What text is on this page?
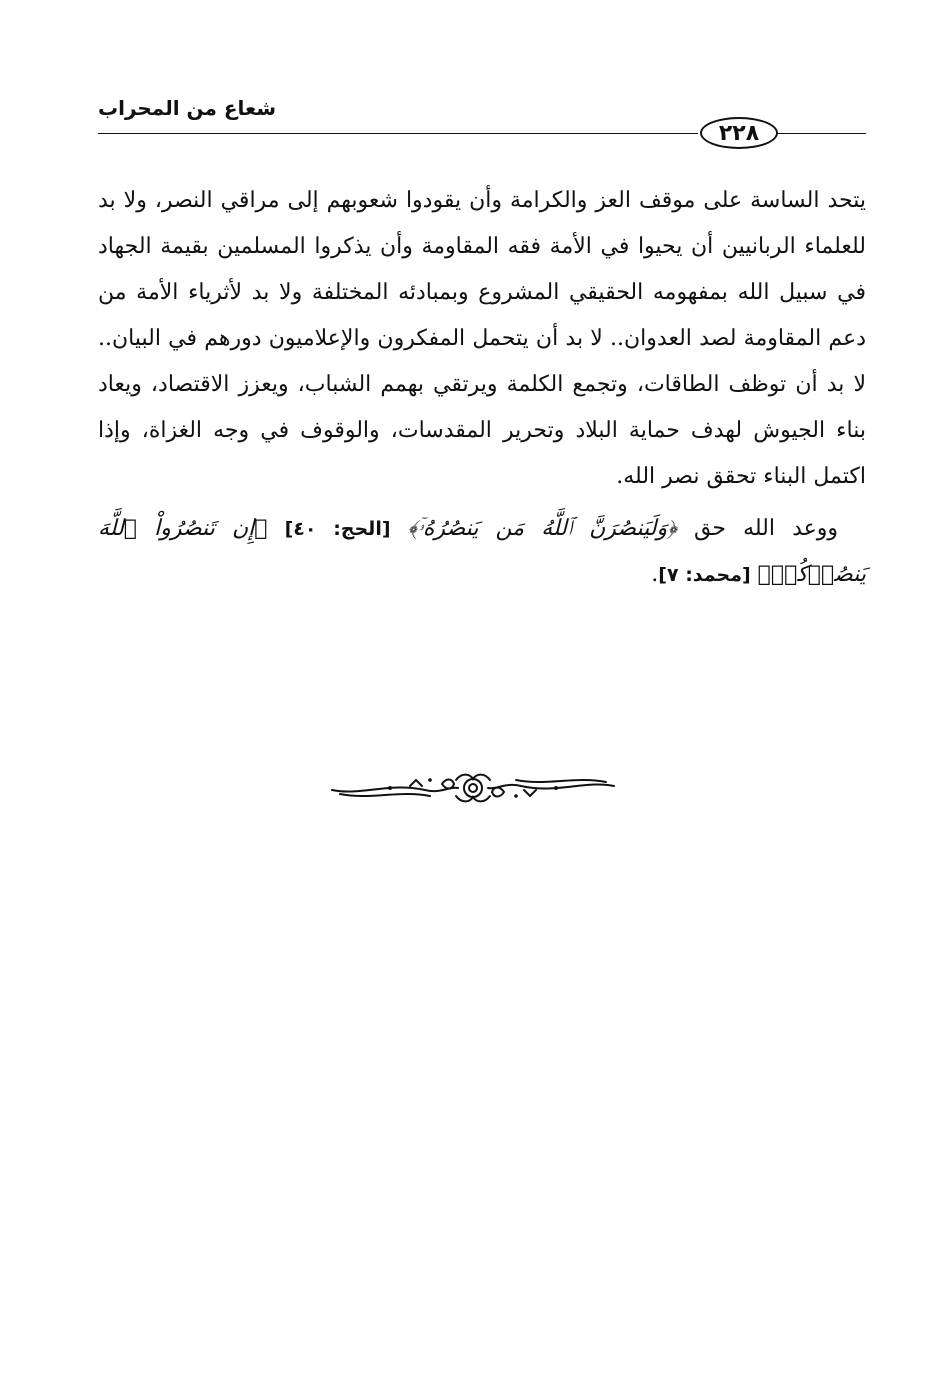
شعاع من المحراب
٢٢٨

يتحد الساسة على موقف العز والكرامة وأن يقودوا شعوبهم إلى مراقي النصر، ولا بد للعلماء الربانيين أن يحيوا في الأمة فقه المقاومة وأن يذكروا المسلمين بقيمة الجهاد في سبيل الله بمفهومه الحقيقي المشروع وبمبادئه المختلفة ولا بد لأثرياء الأمة من دعم المقاومة لصد العدوان.. لا بد أن يتحمل المفكرون والإعلاميون دورهم في البيان.. لا بد أن توظف الطاقات، وتجمع الكلمة ويرتقي بهمم الشباب، ويعزز الاقتصاد، ويعاد بناء الجيوش لهدف حماية البلاد وتحرير المقدسات، والوقوف في وجه الغزاة، وإذا اكتمل البناء تحقق نصر الله.

ووعد الله حق ﴿وَلَيَنصُرَنَّ ٱللَّهُ مَن يَنصُرُهُۥٓ﴾ [الحج: ٤٠] ﴿إِن تَنصُرُواْ ٱللَّهَ يَنصُرۡكُمۡ﴾ [محمد: ٧].
